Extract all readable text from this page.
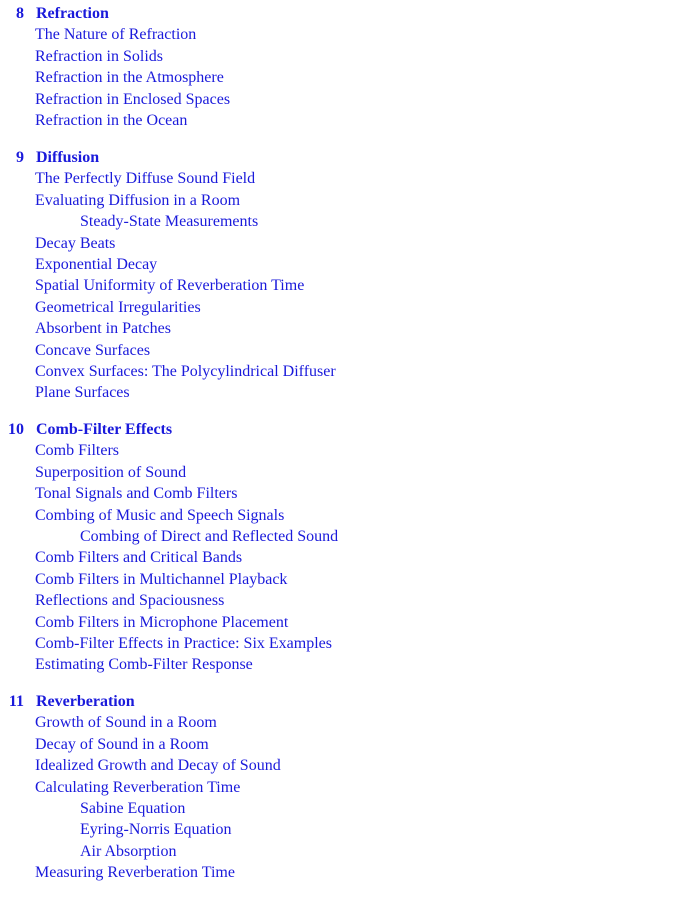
8 Refraction
The Nature of Refraction
Refraction in Solids
Refraction in the Atmosphere
Refraction in Enclosed Spaces
Refraction in the Ocean
9 Diffusion
The Perfectly Diffuse Sound Field
Evaluating Diffusion in a Room
Steady-State Measurements
Decay Beats
Exponential Decay
Spatial Uniformity of Reverberation Time
Geometrical Irregularities
Absorbent in Patches
Concave Surfaces
Convex Surfaces: The Polycylindrical Diffuser
Plane Surfaces
10 Comb-Filter Effects
Comb Filters
Superposition of Sound
Tonal Signals and Comb Filters
Combing of Music and Speech Signals
Combing of Direct and Reflected Sound
Comb Filters and Critical Bands
Comb Filters in Multichannel Playback
Reflections and Spaciousness
Comb Filters in Microphone Placement
Comb-Filter Effects in Practice: Six Examples
Estimating Comb-Filter Response
11 Reverberation
Growth of Sound in a Room
Decay of Sound in a Room
Idealized Growth and Decay of Sound
Calculating Reverberation Time
Sabine Equation
Eyring-Norris Equation
Air Absorption
Measuring Reverberation Time
